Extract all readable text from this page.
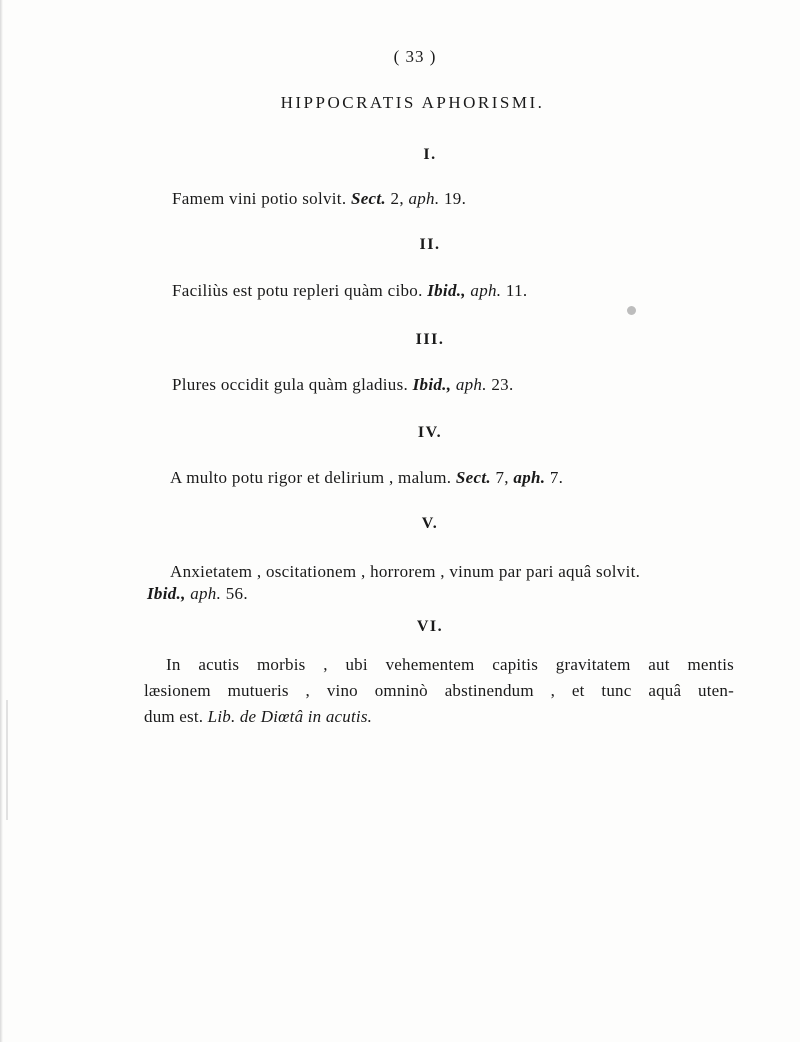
( 33 )
HIPPOCRATIS APHORISMI.
I.
Famem vini potio solvit. Sect. 2, aph. 19.
II.
Faciliùs est potu repleri quàm cibo. Ibid., aph. 11.
III.
Plures occidit gula quàm gladius. Ibid., aph. 23.
IV.
A multo potu rigor et delirium , malum. Sect. 7, aph. 7.
V.
Anxietatem , oscitationem , horrorem , vinum par pari aquâ solvit.
Ibid., aph. 56.
VI.
In acutis morbis , ubi vehementem capitis gravitatem aut mentis
læsionem mutueris , vino omninò abstinendum , et tunc aquâ uten-
dum est. Lib. de Diœtâ in acutis.
